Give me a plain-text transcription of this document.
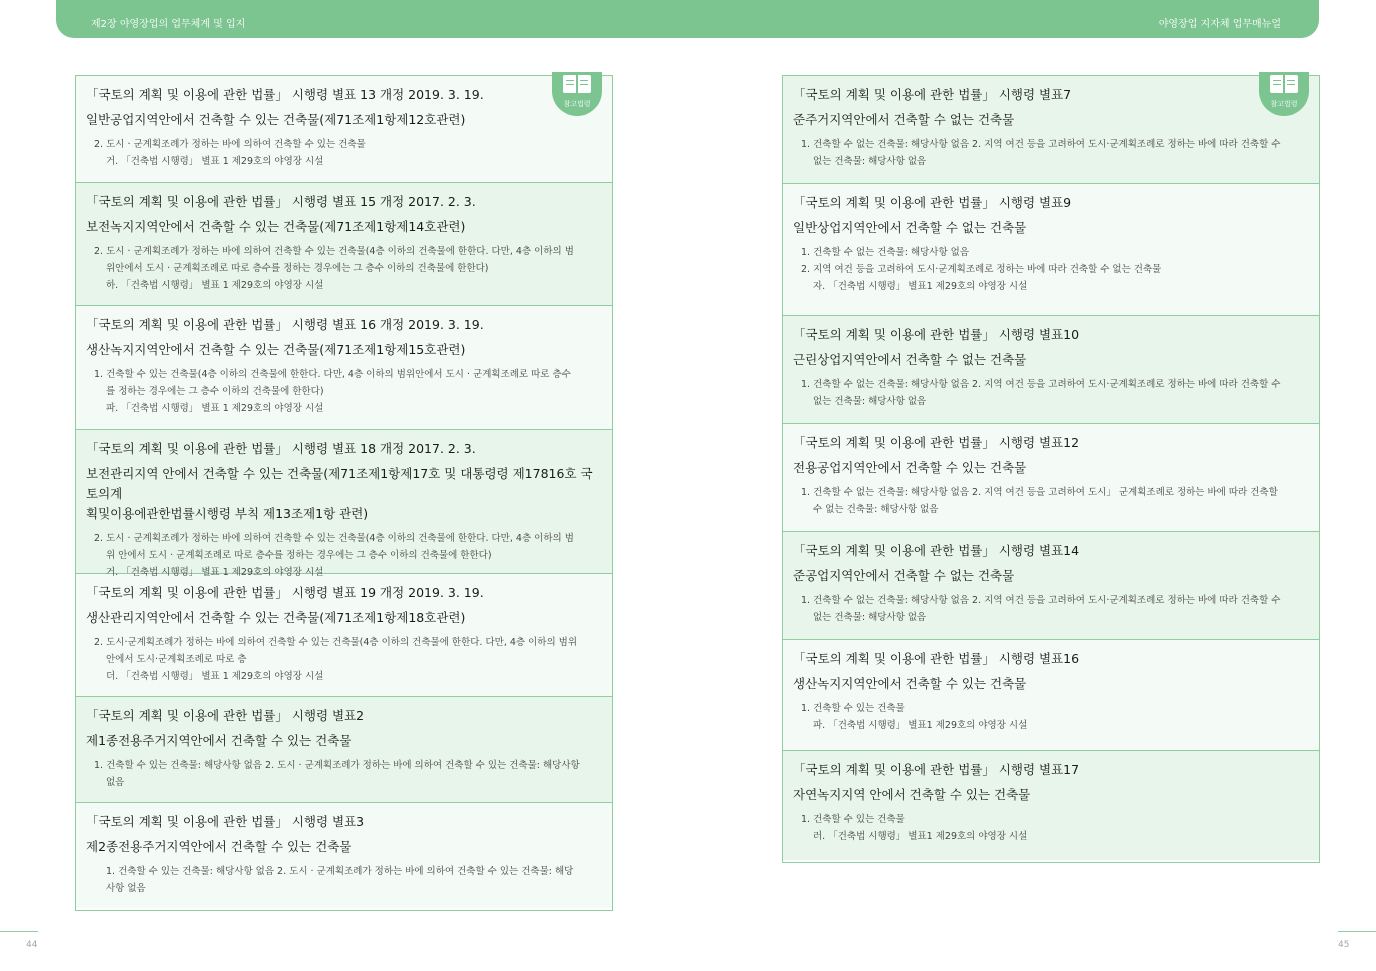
제2장 야영장업의 업무체계 및 입지	야영장업 지자체 업무매뉴얼
「국토의 계획 및 이용에 관한 법률」 시행령 별표 13 개정 2019. 3. 19.
일반공업지역안에서 건축할 수 있는 건축물(제71조제1항제12호관련)
2. 도시 · 군계획조례가 정하는 바에 의하여 건축할 수 있는 건축물
거. 「건축법 시행령」 별표 1 제29호의 야영장 시설
「국토의 계획 및 이용에 관한 법률」 시행령 별표 15 개정 2017. 2. 3.
보전녹지지역안에서 건축할 수 있는 건축물(제71조제1항제14호관련)
2. 도시 · 군계획조례가 정하는 바에 의하여 건축할 수 있는 건축물(4층 이하의 건축물에 한한다. 다만, 4층 이하의 범
위안에서 도시 · 군계획조례로 따로 층수를 정하는 경우에는 그 층수 이하의 건축물에 한한다)
하. 「건축법 시행령」 별표 1 제29호의 야영장 시설
「국토의 계획 및 이용에 관한 법률」 시행령 별표 16 개정 2019. 3. 19.
생산녹지지역안에서 건축할 수 있는 건축물(제71조제1항제15호관련)
1. 건축할 수 있는 건축물(4층 이하의 건축물에 한한다. 다만, 4층 이하의 범위안에서 도시 · 군계획조례로 따로 층수
를 정하는 경우에는 그 층수 이하의 건축물에 한한다)
파. 「건축법 시행령」 별표 1 제29호의 야영장 시설
「국토의 계획 및 이용에 관한 법률」 시행령 별표 18 개정 2017. 2. 3.
보전관리지역 안에서 건축할 수 있는 건축물(제71조제1항제17호 및 대통령령 제17816호 국토의계
획및이용에관한법률시행령 부칙 제13조제1항 관련)
2. 도시 · 군계획조례가 정하는 바에 의하여 건축할 수 있는 건축물(4층 이하의 건축물에 한한다. 다만, 4층 이하의 범
위 안에서 도시 · 군계획조례로 따로 층수를 정하는 경우에는 그 층수 이하의 건축물에 한한다)
거. 「건축법 시행령」 별표 1 제29호의 야영장 시설
「국토의 계획 및 이용에 관한 법률」 시행령 별표 19 개정 2019. 3. 19.
생산관리지역안에서 건축할 수 있는 건축물(제71조제1항제18호관련)
2. 도시·군계획조례가 정하는 바에 의하여 건축할 수 있는 건축물(4층 이하의 건축물에 한한다. 다만, 4층 이하의 범위
안에서 도시·군계획조례로 따로 층
더. 「건축법 시행령」 별표 1 제29호의 야영장 시설
「국토의 계획 및 이용에 관한 법률」 시행령 별표2
제1종전용주거지역안에서 건축할 수 있는 건축물
1. 건축할 수 있는 건축물: 해당사항 없음 2. 도시 · 군계획조례가 정하는 바에 의하여 건축할 수 있는 건축물: 해당사항
없음
「국토의 계획 및 이용에 관한 법률」 시행령 별표3
제2종전용주거지역안에서 건축할 수 있는 건축물
1. 건축할 수 있는 건축물: 해당사항 없음 2. 도시 · 군계획조례가 정하는 바에 의하여 건축할 수 있는 건축물: 해당
사항 없음
참고법령
「국토의 계획 및 이용에 관한 법률」 시행령 별표7
준주거지역안에서 건축할 수 없는 건축물
1. 건축할 수 없는 건축물: 해당사항 없음 2. 지역 여건 등을 고려하여 도시·군계획조례로 정하는 바에 따라 건축할 수
없는 건축물: 해당사항 없음
「국토의 계획 및 이용에 관한 법률」 시행령 별표9
일반상업지역안에서 건축할 수 없는 건축물
1. 건축할 수 없는 건축물: 해당사항 없음
2. 지역 여건 등을 고려하여 도시·군계획조례로 정하는 바에 따라 건축할 수 없는 건축물
자. 「건축법 시행령」 별표1 제29호의 야영장 시설
「국토의 계획 및 이용에 관한 법률」 시행령 별표10
근린상업지역안에서 건축할 수 없는 건축물
1. 건축할 수 없는 건축물: 해당사항 없음 2. 지역 여건 등을 고려하여 도시·군계획조례로 정하는 바에 따라 건축할 수
없는 건축물: 해당사항 없음
「국토의 계획 및 이용에 관한 법률」 시행령 별표12
전용공업지역안에서 건축할 수 있는 건축물
1. 건축할 수 없는 건축물: 해당사항 없음 2. 지역 여건 등을 고려하여 도시」 군계획조례로 정하는 바에 따라 건축할
수 없는 건축물: 해당사항 없음
「국토의 계획 및 이용에 관한 법률」 시행령 별표14
준공업지역안에서 건축할 수 없는 건축물
1. 건축할 수 없는 건축물: 해당사항 없음 2. 지역 여건 등을 고려하여 도시·군계획조례로 정하는 바에 따라 건축할 수
없는 건축물: 해당사항 없음
「국토의 계획 및 이용에 관한 법률」 시행령 별표16
생산녹지지역안에서 건축할 수 있는 건축물
1. 건축할 수 있는 건축물
파. 「건축법 시행령」 별표1 제29호의 야영장 시설
「국토의 계획 및 이용에 관한 법률」 시행령 별표17
자연녹지지역 안에서 건축할 수 있는 건축물
1. 건축할 수 있는 건축물
러. 「건축법 시행령」 별표1 제29호의 야영장 시설
참고법령
44	45
